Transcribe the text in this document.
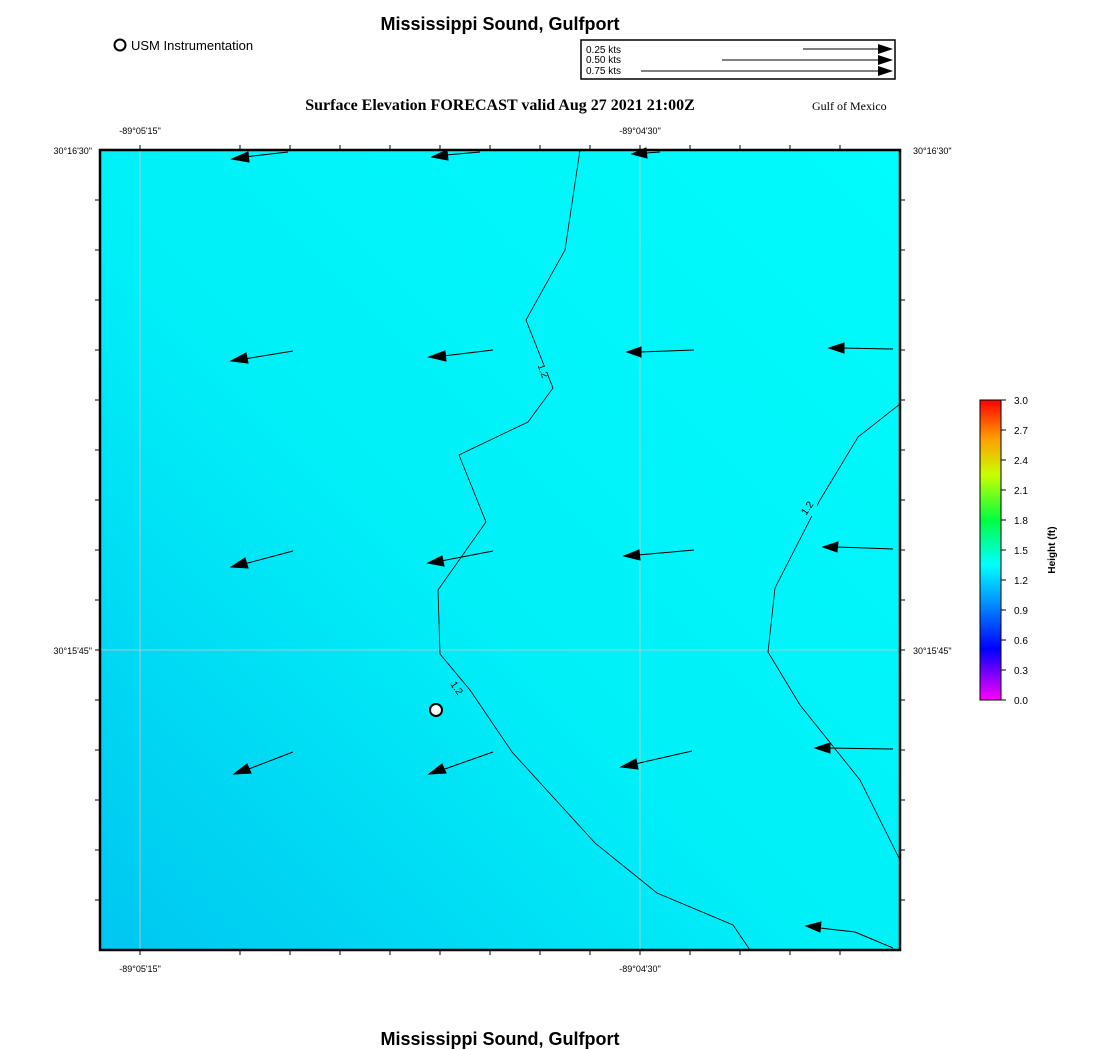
Mississippi Sound, Gulfport
Surface Elevation FORECAST valid Aug 27 2021 21:00Z	Gulf of Mexico
Mississippi Sound, Gulfport
USM Instrumentation	0.25 kts
0.50 kts
0.75 kts
1.2
1.2
1.2
-89°05'15"	-89°04'30"
-89°05'15"	-89°04'30"
30°16'30"
30°15'45"
30°16'30"
30°15'45"
3.0
2.7
2.4
2.1
1.8
1.5
1.2
0.9
0.6
0.3
0.0
Height (ft)
